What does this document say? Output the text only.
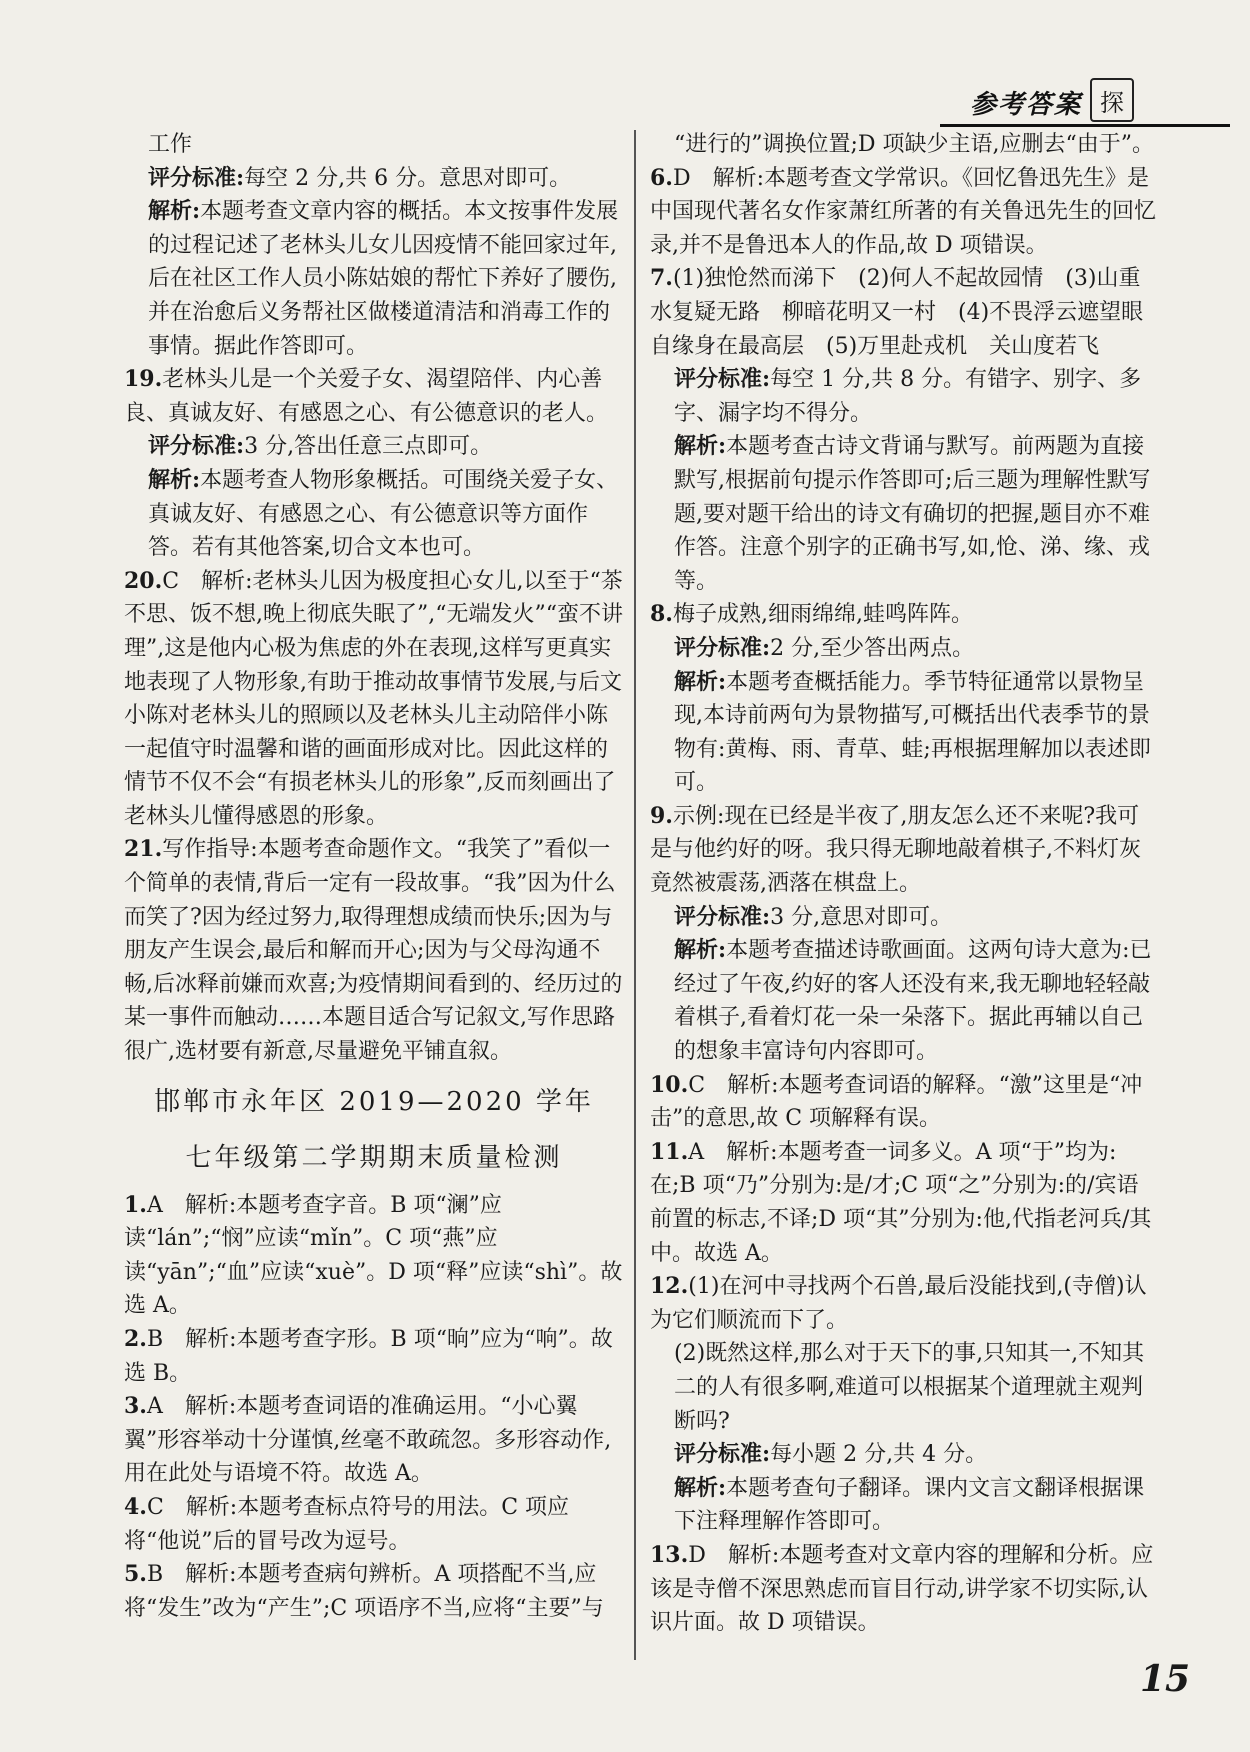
参考答案 探

工作

评分标准:每空 2 分,共 6 分。意思对即可。

解析:本题考查文章内容的概括。本文按事件发展的过程记述了老林头儿女儿因疫情不能回家过年,后在社区工作人员小陈姑娘的帮忙下养好了腰伤,并在治愈后义务帮社区做楼道清洁和消毒工作的事情。据此作答即可。

19.老林头儿是一个关爱子女、渴望陪伴、内心善良、真诚友好、有感恩之心、有公德意识的老人。

评分标准:3 分,答出任意三点即可。

解析:本题考查人物形象概括。可围绕关爱子女、真诚友好、有感恩之心、有公德意识等方面作答。若有其他答案,切合文本也可。

20.C　解析:老林头儿因为极度担心女儿,以至于“茶不思、饭不想,晚上彻底失眠了”,“无端发火”“蛮不讲理”,这是他内心极为焦虑的外在表现,这样写更真实地表现了人物形象,有助于推动故事情节发展,与后文小陈对老林头儿的照顾以及老林头儿主动陪伴小陈一起值守时温馨和谐的画面形成对比。因此这样的情节不仅不会“有损老林头儿的形象”,反而刻画出了老林头儿懂得感恩的形象。

21.写作指导:本题考查命题作文。“我笑了”看似一个简单的表情,背后一定有一段故事。“我”因为什么而笑了?因为经过努力,取得理想成绩而快乐;因为与朋友产生误会,最后和解而开心;因为与父母沟通不畅,后冰释前嫌而欢喜;为疫情期间看到的、经历过的某一事件而触动……本题目适合写记叙文,写作思路很广,选材要有新意,尽量避免平铺直叙。

邯郸市永年区 2019—2020 学年
七年级第二学期期末质量检测

1.A　解析:本题考查字音。B 项“澜”应读“lán”;“悯”应读“mǐn”。C 项“燕”应读“yān”;“血”应读“xuè”。D 项“释”应读“shì”。故选 A。

2.B　解析:本题考查字形。B 项“晌”应为“响”。故选 B。

3.A　解析:本题考查词语的准确运用。“小心翼翼”形容举动十分谨慎,丝毫不敢疏忽。多形容动作,用在此处与语境不符。故选 A。

4.C　解析:本题考查标点符号的用法。C 项应将“他说”后的冒号改为逗号。

5.B　解析:本题考查病句辨析。A 项搭配不当,应将“发生”改为“产生”;C 项语序不当,应将“主要”与

“进行的”调换位置;D 项缺少主语,应删去“由于”。

6.D　解析:本题考查文学常识。《回忆鲁迅先生》是中国现代著名女作家萧红所著的有关鲁迅先生的回忆录,并不是鲁迅本人的作品,故 D 项错误。

7.(1)独怆然而涕下　(2)何人不起故园情　(3)山重水复疑无路　柳暗花明又一村　(4)不畏浮云遮望眼　自缘身在最高层　(5)万里赴戎机　关山度若飞

评分标准:每空 1 分,共 8 分。有错字、别字、多字、漏字均不得分。

解析:本题考查古诗文背诵与默写。前两题为直接默写,根据前句提示作答即可;后三题为理解性默写题,要对题干给出的诗文有确切的把握,题目亦不难作答。注意个别字的正确书写,如,怆、涕、缘、戎等。

8.梅子成熟,细雨绵绵,蛙鸣阵阵。

评分标准:2 分,至少答出两点。

解析:本题考查概括能力。季节特征通常以景物呈现,本诗前两句为景物描写,可概括出代表季节的景物有:黄梅、雨、青草、蛙;再根据理解加以表述即可。

9.示例:现在已经是半夜了,朋友怎么还不来呢?我可是与他约好的呀。我只得无聊地敲着棋子,不料灯灰竟然被震荡,洒落在棋盘上。

评分标准:3 分,意思对即可。

解析:本题考查描述诗歌画面。这两句诗大意为:已经过了午夜,约好的客人还没有来,我无聊地轻轻敲着棋子,看着灯花一朵一朵落下。据此再辅以自己的想象丰富诗句内容即可。

10.C　解析:本题考查词语的解释。“激”这里是“冲击”的意思,故 C 项解释有误。

11.A　解析:本题考查一词多义。A 项“于”均为:在;B 项“乃”分别为:是/才;C 项“之”分别为:的/宾语前置的标志,不译;D 项“其”分别为:他,代指老河兵/其中。故选 A。

12.(1)在河中寻找两个石兽,最后没能找到,(寺僧)认为它们顺流而下了。

(2)既然这样,那么对于天下的事,只知其一,不知其二的人有很多啊,难道可以根据某个道理就主观判断吗?

评分标准:每小题 2 分,共 4 分。

解析:本题考查句子翻译。课内文言文翻译根据课下注释理解作答即可。

13.D　解析:本题考查对文章内容的理解和分析。应该是寺僧不深思熟虑而盲目行动,讲学家不切实际,认识片面。故 D 项错误。

15
